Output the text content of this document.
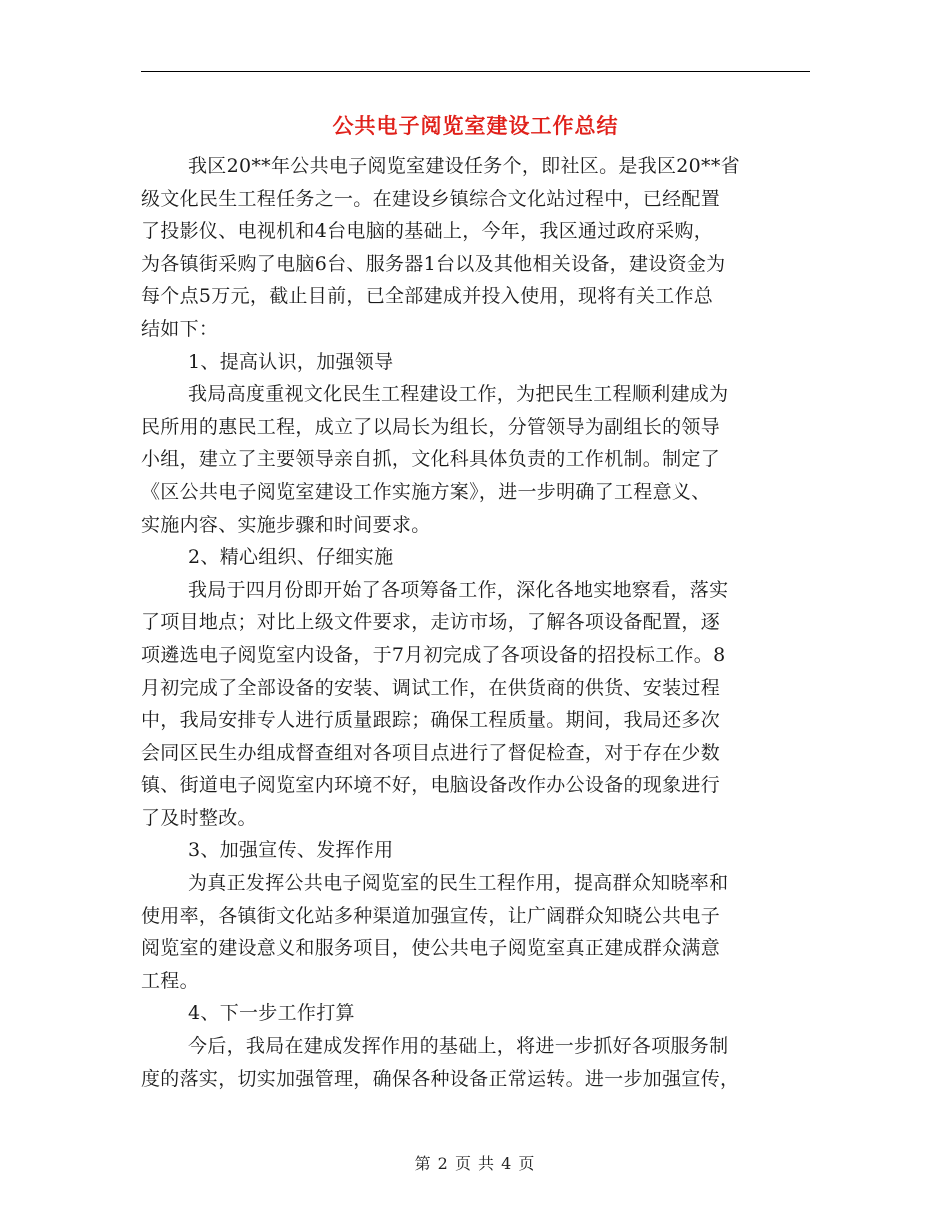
公共电子阅览室建设工作总结
我区20**年公共电子阅览室建设任务个，即社区。是我区20**省
级文化民生工程任务之一。在建设乡镇综合文化站过程中，已经配置
了投影仪、电视机和4台电脑的基础上，今年，我区通过政府采购，
为各镇街采购了电脑6台、服务器1台以及其他相关设备，建设资金为
每个点5万元，截止目前，已全部建成并投入使用，现将有关工作总
结如下：
1、提高认识，加强领导
我局高度重视文化民生工程建设工作，为把民生工程顺利建成为
民所用的惠民工程，成立了以局长为组长，分管领导为副组长的领导
小组，建立了主要领导亲自抓，文化科具体负责的工作机制。制定了
《区公共电子阅览室建设工作实施方案》，进一步明确了工程意义、
实施内容、实施步骤和时间要求。
2、精心组织、仔细实施
我局于四月份即开始了各项筹备工作，深化各地实地察看，落实
了项目地点；对比上级文件要求，走访市场，了解各项设备配置，逐
项遴选电子阅览室内设备，于7月初完成了各项设备的招投标工作。8
月初完成了全部设备的安装、调试工作，在供货商的供货、安装过程
中，我局安排专人进行质量跟踪；确保工程质量。期间，我局还多次
会同区民生办组成督查组对各项目点进行了督促检查，对于存在少数
镇、街道电子阅览室内环境不好，电脑设备改作办公设备的现象进行
了及时整改。
3、加强宣传、发挥作用
为真正发挥公共电子阅览室的民生工程作用，提高群众知晓率和
使用率，各镇街文化站多种渠道加强宣传，让广阔群众知晓公共电子
阅览室的建设意义和服务项目，使公共电子阅览室真正建成群众满意
工程。
4、下一步工作打算
今后，我局在建成发挥作用的基础上，将进一步抓好各项服务制
度的落实，切实加强管理，确保各种设备正常运转。进一步加强宣传，
第 2 页 共 4 页
